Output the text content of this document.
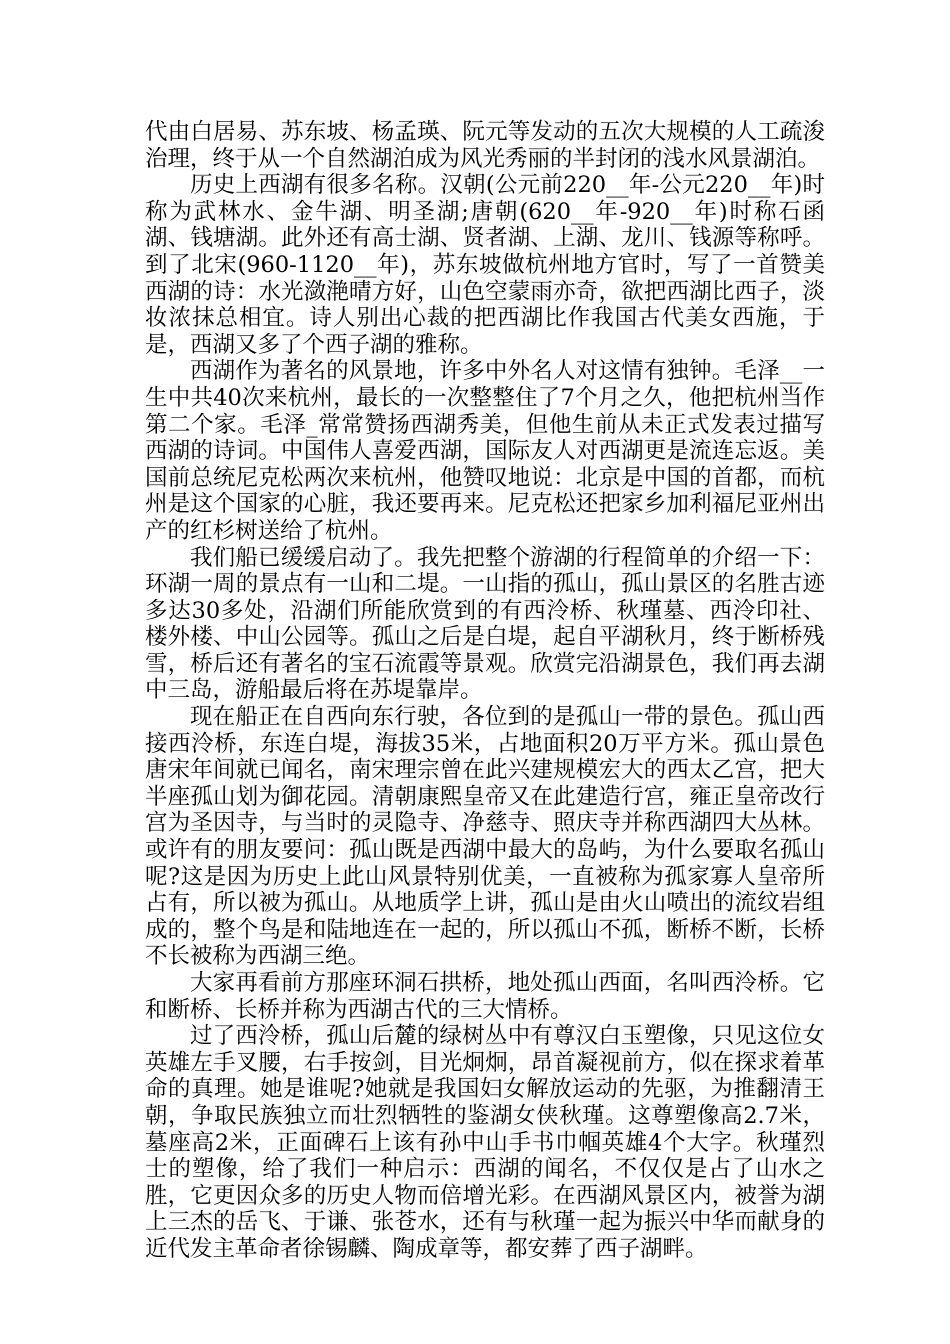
代由白居易、苏东坡、杨孟瑛、阮元等发动的五次大规模的人工疏浚治理，终于从一个自然湖泊成为风光秀丽的半封闭的浅水风景湖泊。

历史上西湖有很多名称。汉朝(公元前220__年-公元220__年)时称为武林水、金牛湖、明圣湖;唐朝(620__年-920__年)时称石函湖、钱塘湖。此外还有高士湖、贤者湖、上湖、龙川、钱源等称呼。到了北宋(960-1120__年)，苏东坡做杭州地方官时，写了一首赞美西湖的诗：水光潋滟晴方好，山色空蒙雨亦奇，欲把西湖比西子，淡妆浓抹总相宜。诗人别出心裁的把西湖比作我国古代美女西施，于是，西湖又多了个西子湖的雅称。

西湖作为著名的风景地，许多中外名人对这情有独钟。毛泽__一生中共40次来杭州，最长的一次整整住了7个月之久，他把杭州当作第二个家。毛泽_常常赞扬西湖秀美，但他生前从未正式发表过描写西湖的诗词。中国伟人喜爱西湖，国际友人对西湖更是流连忘返。美国前总统尼克松两次来杭州，他赞叹地说：北京是中国的首都，而杭州是这个国家的心脏，我还要再来。尼克松还把家乡加利福尼亚州出产的红杉树送给了杭州。

我们船已缓缓启动了。我先把整个游湖的行程简单的介绍一下：环湖一周的景点有一山和二堤。一山指的孤山，孤山景区的名胜古迹多达30多处，沿湖们所能欣赏到的有西泠桥、秋瑾墓、西泠印社、楼外楼、中山公园等。孤山之后是白堤，起自平湖秋月，终于断桥残雪，桥后还有著名的宝石流霞等景观。欣赏完沿湖景色，我们再去湖中三岛，游船最后将在苏堤靠岸。

现在船正在自西向东行驶，各位到的是孤山一带的景色。孤山西接西泠桥，东连白堤，海拔35米，占地面积20万平方米。孤山景色唐宋年间就已闻名，南宋理宗曾在此兴建规模宏大的西太乙宫，把大半座孤山划为御花园。清朝康熙皇帝又在此建造行宫，雍正皇帝改行宫为圣因寺，与当时的灵隐寺、净慈寺、照庆寺并称西湖四大丛林。或许有的朋友要问：孤山既是西湖中最大的岛屿，为什么要取名孤山呢?这是因为历史上此山风景特别优美，一直被称为孤家寡人皇帝所占有，所以被为孤山。从地质学上讲，孤山是由火山喷出的流纹岩组成的，整个鸟是和陆地连在一起的，所以孤山不孤，断桥不断，长桥不长被称为西湖三绝。

大家再看前方那座环洞石拱桥，地处孤山西面，名叫西泠桥。它和断桥、长桥并称为西湖古代的三大情桥。

过了西泠桥，孤山后麓的绿树丛中有尊汉白玉塑像，只见这位女英雄左手叉腰，右手按剑，目光炯炯，昂首凝视前方，似在探求着革命的真理。她是谁呢?她就是我国妇女解放运动的先驱，为推翻清王朝，争取民族独立而壮烈牺牲的鉴湖女侠秋瑾。这尊塑像高2.7米，墓座高2米，正面碑石上该有孙中山手书巾帼英雄4个大字。秋瑾烈士的塑像，给了我们一种启示：西湖的闻名，不仅仅是占了山水之胜，它更因众多的历史人物而倍增光彩。在西湖风景区内，被誉为湖上三杰的岳飞、于谦、张苍水，还有与秋瑾一起为振兴中华而献身的近代发主革命者徐锡麟、陶成章等，都安葬了西子湖畔。
